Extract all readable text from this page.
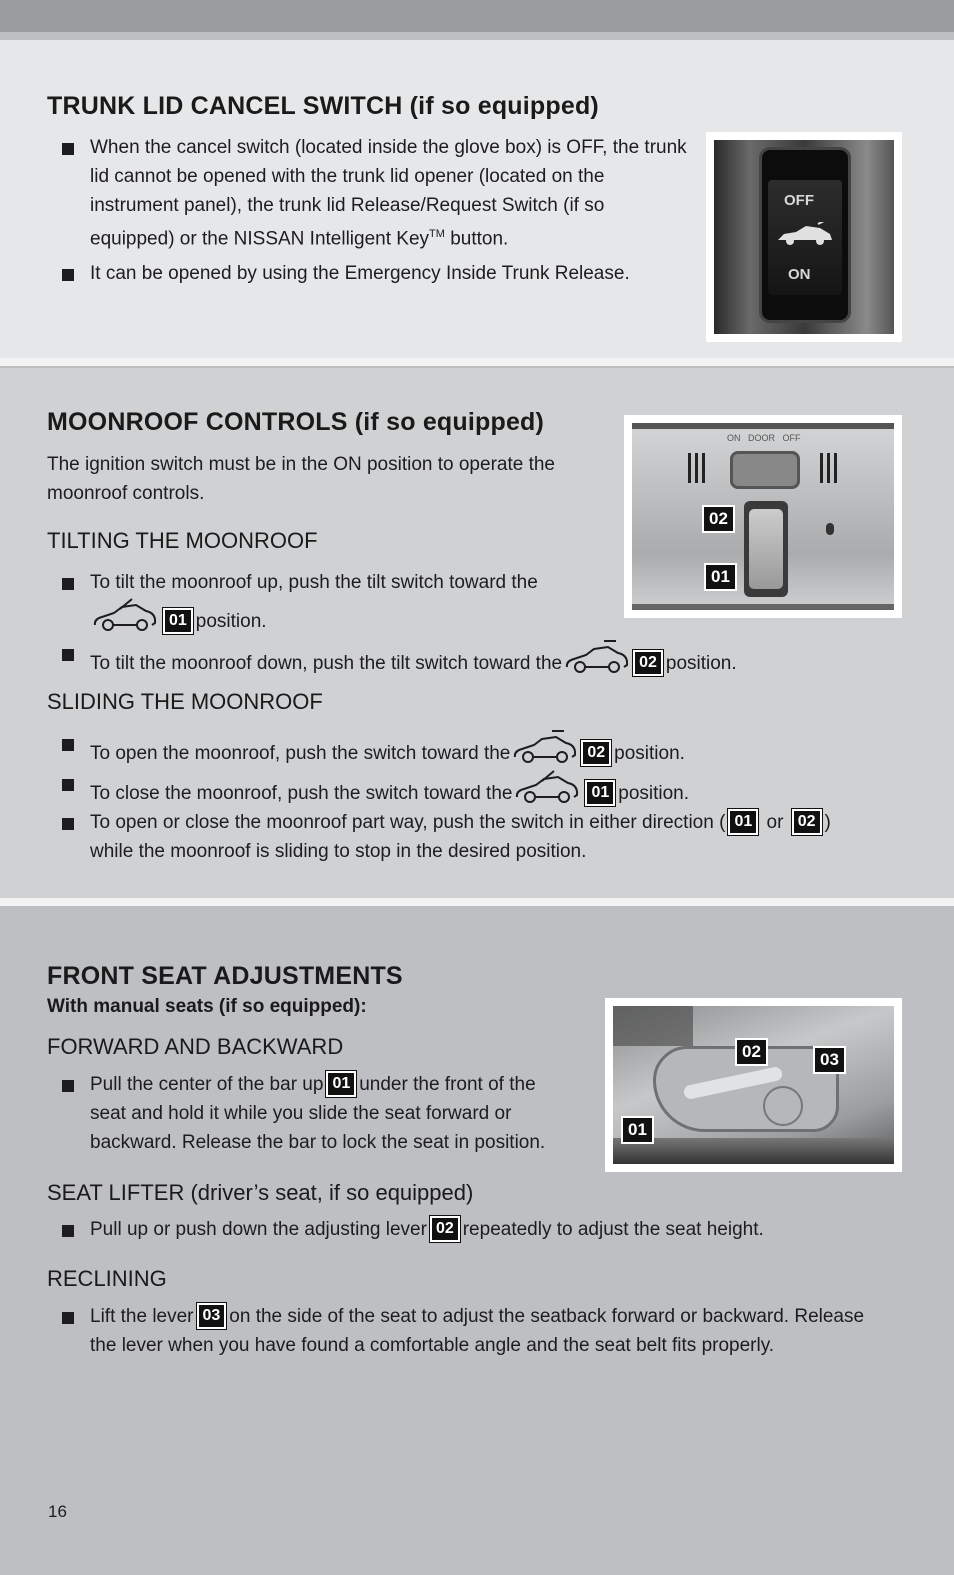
TRUNK LID CANCEL SWITCH (if so equipped)

When the cancel switch (located inside the glove box) is OFF, the trunk lid cannot be opened with the trunk lid opener (located on the instrument panel), the trunk lid Release/Request Switch (if so equipped) or the NISSAN Intelligent Key™ button.

It can be opened by using the Emergency Inside Trunk Release.

OFF
ON
MOONROOF CONTROLS (if so equipped)

The ignition switch must be in the ON position to operate the moonroof controls.

TILTING THE MOONROOF

To tilt the moonroof up, push the tilt switch toward the

01 position.

To tilt the moonroof down, push the tilt switch toward the	02 position.

SLIDING THE MOONROOF

To open the moonroof, push the switch toward the	02 position.

To close the moonroof, push the switch toward the	01 position.

To open or close the moonroof part way, push the switch in either direction ( 01 or 02 )
while the moonroof is sliding to stop in the desired position.

ON   DOOR   OFF
02
01
FRONT SEAT ADJUSTMENTS
With manual seats (if so equipped):
FORWARD AND BACKWARD

Pull the center of the bar up 01 under the front of the
seat and hold it while you slide the seat forward or
backward. Release the bar to lock the seat in position.

SEAT LIFTER (driver’s seat, if so equipped)

Pull up or push down the adjusting lever 02 repeatedly to adjust the seat height.

RECLINING

Lift the lever 03 on the side of the seat to adjust the seatback forward or backward. Release
the lever when you have found a comfortable angle and the seat belt fits properly.

02	03
01
16
